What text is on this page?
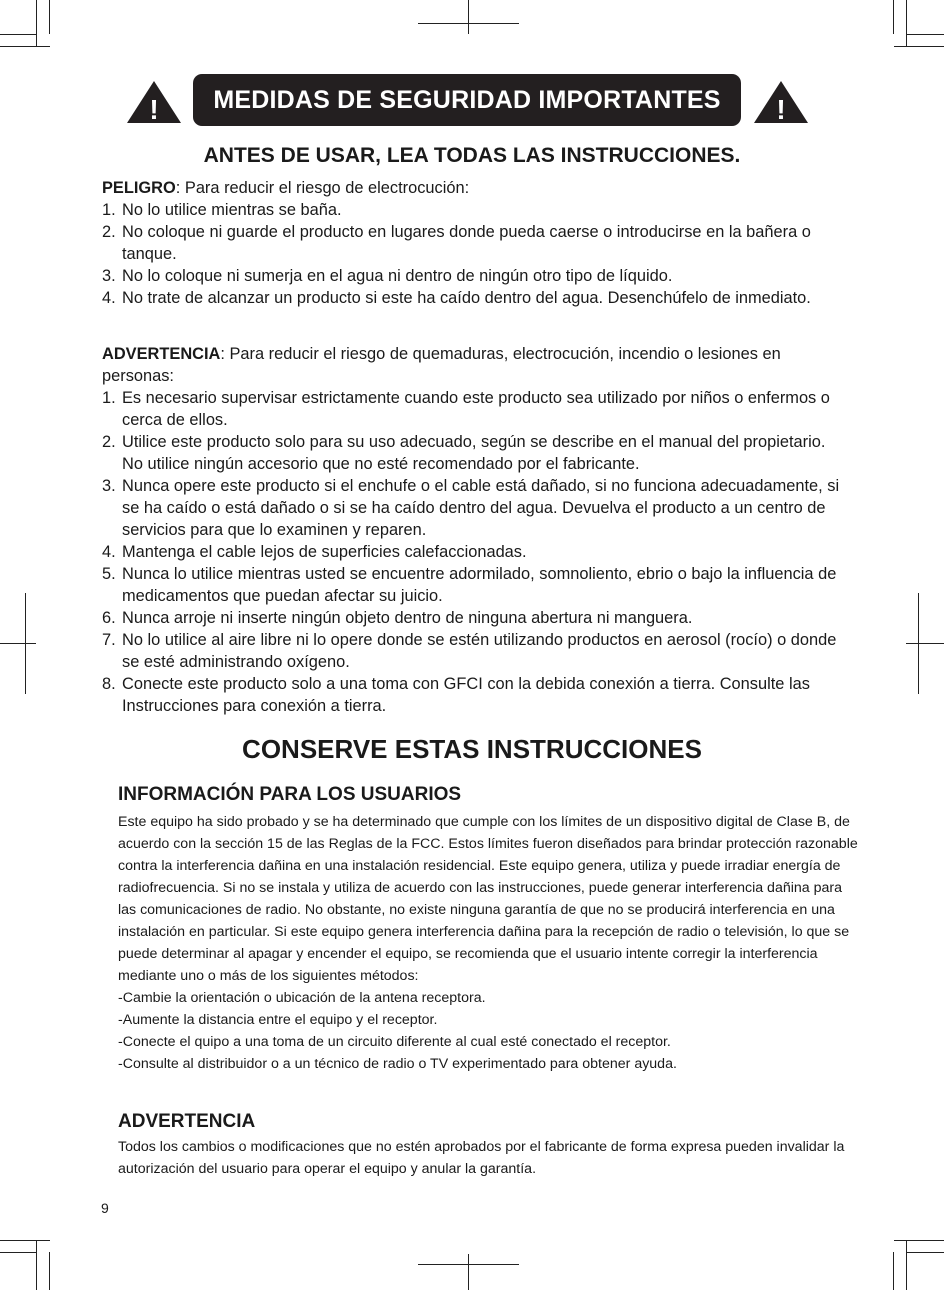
!	MEDIDAS DE SEGURIDAD IMPORTANTES	!
ANTES DE USAR, LEA TODAS LAS INSTRUCCIONES.

PELIGRO: Para reducir el riesgo de electrocución:

1. No lo utilice mientras se baña.
2. No coloque ni guarde el producto en lugares donde pueda caerse o introducirse en la bañera o tanque.
3. No lo coloque ni sumerja en el agua ni dentro de ningún otro tipo de líquido.
4. No trate de alcanzar un producto si este ha caído dentro del agua. Desenchúfelo de inmediato.

ADVERTENCIA: Para reducir el riesgo de quemaduras, electrocución, incendio o lesiones en personas:

1. Es necesario supervisar estrictamente cuando este producto sea utilizado por niños o enfermos o cerca de ellos.
2. Utilice este producto solo para su uso adecuado, según se describe en el manual del propietario. No utilice ningún accesorio que no esté recomendado por el fabricante.
3. Nunca opere este producto si el enchufe o el cable está dañado, si no funciona adecuadamente, si se ha caído o está dañado o si se ha caído dentro del agua. Devuelva el producto a un centro de servicios para que lo examinen y reparen.
4. Mantenga el cable lejos de superficies calefaccionadas.
5. Nunca lo utilice mientras usted se encuentre adormilado, somnoliento, ebrio o bajo la influencia de medicamentos que puedan afectar su juicio.
6. Nunca arroje ni inserte ningún objeto dentro de ninguna abertura ni manguera.
7. No lo utilice al aire libre ni lo opere donde se estén utilizando productos en aerosol (rocío) o donde se esté administrando oxígeno.
8. Conecte este producto solo a una toma con GFCI con la debida conexión a tierra. Consulte las Instrucciones para conexión a tierra.
CONSERVE ESTAS INSTRUCCIONES
INFORMACIÓN PARA LOS USUARIOS

Este equipo ha sido probado y se ha determinado que cumple con los límites de un dispositivo digital de Clase B, de acuerdo con la sección 15 de las Reglas de la FCC. Estos límites fueron diseñados para brindar protección razonable contra la interferencia dañina en una instalación residencial. Este equipo genera, utiliza y puede irradiar energía de radiofrecuencia. Si no se instala y utiliza de acuerdo con las instrucciones, puede generar interferencia dañina para las comunicaciones de radio. No obstante, no existe ninguna garantía de que no se producirá interferencia en una instalación en particular. Si este equipo genera interferencia dañina para la recepción de radio o televisión, lo que se puede determinar al apagar y encender el equipo, se recomienda que el usuario intente corregir la interferencia mediante uno o más de los siguientes métodos:

-Cambie la orientación o ubicación de la antena receptora.

-Aumente la distancia entre el equipo y el receptor.

-Conecte el quipo a una toma de un circuito diferente al cual esté conectado el receptor.

-Consulte al distribuidor o a un técnico de radio o TV experimentado para obtener ayuda.

ADVERTENCIA
Todos los cambios o modificaciones que no estén aprobados por el fabricante de forma expresa pueden invalidar la autorización del usuario para operar el equipo y anular la garantía.
9
